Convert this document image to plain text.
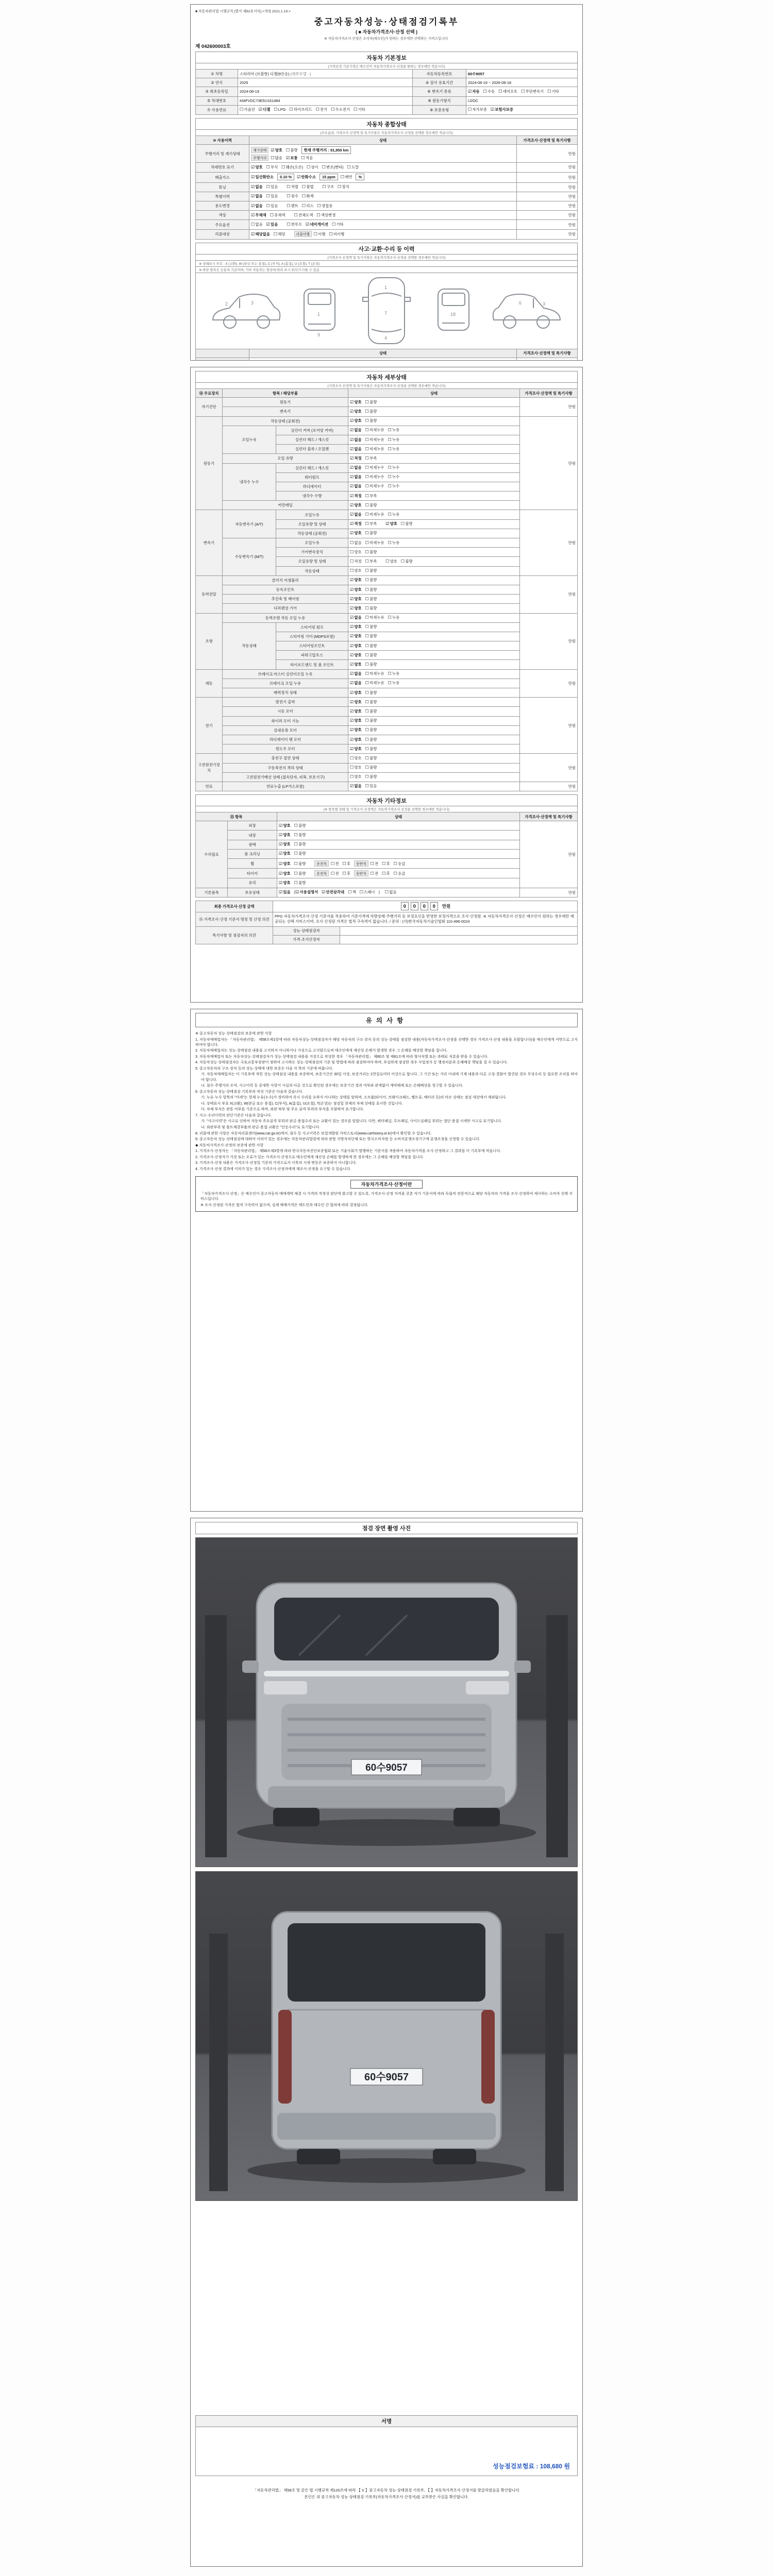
■ 자동차관리법 시행규칙 [별지 제82호서식] <개정 2021.1.19.>
중고자동차성능·상태점검기록부
( ■ 자동차가격조사·산정 선택 )
※ 자동차가격조사·산정은 소비자(매수인)가 원하는 경우에만 선택하는 서비스입니다.
제 042600003호
자동차 기본정보
(가격산정 기준가격은 매수인이 자동차가격조사·산정을 원하는 경우에만 적습니다)
① 차명	스타리아 (르블랑) 디젤(9인승) (세부모델 : )	자동차등록번호	60수9057
② 연식	2025	④ 검사 유효기간	2024-08-19 ~ 2026-08-18
③ 최초등록일	2024-08-19	⑥ 변속기 종류	☑자동 ☐수동 ☐세미오토 ☐무단변속기 ☐기타
⑤ 차대번호	KMFVDC73E5U161484	⑧ 원동기형식	U2DC
⑦ 사용연료	☐가솔린 ☑디젤 ☐LPG ☐하이브리드 ☐전기 ☐수소전기 ☐기타	⑨ 보증유형	☐자가보증 ☑보험사보증
자동차 종합상태
(주요옵션, 가격조사·산정액 및 특기사항은 자동차가격조사·산정을 선택한 경우에만 적습니다)
⑩ 사용이력	상태	가격조사·산정액 및 특기사항
주행거리 및 계기상태	계기상태 ☑양호 ☐불량 현재 주행거리 : 91,950 km
주행거리 ☐많음 ☑보통 ☐적음	만원
차대번호 표기	☑양호 ☐부식 ☐훼손(오손) ☐상이 ☐변조(변타) ☐도말	만원
배출가스	☑일산화탄소 0.10 % ☑탄화수소 15 ppm ☐매연%	만원
튜닝	☑없음 ☐있음 ☐적법 ☐불법 ☐구조 ☐장치	만원
특별이력	☑없음 ☐있음 ☐침수 ☐화재	만원
용도변경	☑없음 ☐있음 ☐렌트 ☐리스 ☐영업용	만원
색상	☑무채색 ☐유채색 ☐전체도색 ☐색상변경	만원
주요옵션	☐없음 ☑있음 ☐썬루프 ☑네비게이션 ☐기타	만원
리콜대상	☑해당없음 ☐해당 리콜이행 ☐이행 ☐미이행	만원
사고·교환·수리 등 이력
(가격조사·산정액 및 특기사항은 자동차가격조사·산정을 선택한 경우에만 적습니다)
※ 상태표시 부호 : X (교환), W (판금 또는 용접), C (부식), A (흠집), U (요철), T (손상)
※ 하단 항목은 승용차 기준이며, 기타 자동차는 형상에 따라 표시 위치가 다를 수 있음
2	3
1
9
1
7
4
18
6	3
	상태	가격조사·산정액 및 특기사항

자동차 세부상태
(가격조사·산정액 및 특기사항은 자동차가격조사·산정을 선택한 경우에만 적습니다)
⑭ 주요장치	항목 / 해당부품		상태	가격조사·산정액 및 특기사항
자기진단	원동기		☑양호 ☐불량	만원
	변속기		☑양호 ☐불량	
원동기	작동상태 (공회전)		☑양호 ☐불량	만원
	오일누유	실린더 커버 (로커암 커버)	☑없음 ☐미세누유 ☐누유	
		실린더 헤드 / 개스킷	☑없음 ☐미세누유 ☐누유	
		실린더 블록 / 오일팬	☑없음 ☐미세누유 ☐누유	
	오일 유량		☑적정 ☐부족	
	냉각수 누수	실린더 헤드 / 개스킷	☑없음 ☐미세누수 ☐누수	
		워터펌프	☑없음 ☐미세누수 ☐누수	
		라디에이터	☑없음 ☐미세누수 ☐누수	
		냉각수 수량	☑적정 ☐부족	
	커먼레일		☑양호 ☐불량	
변속기	자동변속기 (A/T)	오일누유	☑없음 ☐미세누유 ☐누유	만원
		오일유량 및 상태	☑적정 ☐부족 ☑양호 ☐불량	
		작동상태 (공회전)	☑양호 ☐불량	
	수동변속기 (M/T)	오일누유	☐없음 ☐미세누유 ☐누유	
		기어변속장치	☐양호 ☐불량	
		오일유량 및 상태	☐적정 ☐부족 ☐양호 ☐불량	
		작동상태	☐양호 ☐불량	
동력전달	클러치 어셈블리		☑양호 ☐불량	만원
	등속조인트		☑양호 ☐불량	
	추진축 및 베어링		☑양호 ☐불량	
	디퍼렌셜 기어		☑양호 ☐불량	
조향	동력조향 작동 오일 누유		☑없음 ☐미세누유 ☐누유	만원
	작동상태	스티어링 펌프	☑양호 ☐불량	
		스티어링 기어 (MDPS포함)	☑양호 ☐불량	
		스티어링조인트	☑양호 ☐불량	
		파워고압호스	☑양호 ☐불량	
		타이로드엔드 및 볼 조인트	☑양호 ☐불량	
제동	브레이크 마스터 실린더오일 누유		☑없음 ☐미세누유 ☐누유	만원
	브레이크 오일 누유		☑없음 ☐미세누유 ☐누유	
	배력장치 상태		☑양호 ☐불량	
전기	발전기 출력		☑양호 ☐불량	만원
	시동 모터		☑양호 ☐불량	
	와이퍼 모터 기능		☑양호 ☐불량	
	실내송풍 모터		☑양호 ☐불량	
	라디에이터 팬 모터		☑양호 ☐불량	
	윈도우 모터		☑양호 ☐불량	
고전원전기장치	충전구 절연 상태		☐양호 ☐불량	만원
	구동축전지 격리 상태		☐양호 ☐불량	
	고전원전기배선 상태 (접속단자, 피복, 보호기구)		☐양호 ☐불량	
연료	연료누출 (LP가스포함)		☑없음 ☐있음	만원
자동차 기타정보
(※ 항목별 상태 및 가격조사·산정액은 자동차가격조사·산정을 선택한 경우에만 적습니다)
⑮ 항목		상태	가격조사·산정액 및 특기사항
수리필요	외장	☑양호 ☐불량	만원
	내장	☑양호 ☐불량	
	광택	☑양호 ☐불량	
	룸 크리닝	☑양호 ☐불량	
	휠	☑양호 ☐불량 운전석 ☐전 ☐후 동반석 ☐전 ☐후 ☐응급	
	타이어	☑양호 ☐불량 운전석 ☐전 ☐후 동반석 ☐전 ☐후 ☐응급	
	유리	☑양호 ☐불량	
기본품목	보유상태	☑있음 (☑사용설명서 ☑안전삼각대 ☐잭 ☐스패너 ) ☐없음	만원
최종 가격조사·산정 금액	0 0 0 0 만원	
⑯ 가격조사·산정 기준서 명칭 및 산정 의견	PPG 자동차가격조사·산정 기준서를 적용하여 기준가격에 차량상태·주행거리 등 보정요인을 반영한 보정가격으로 조사·산정함. ※ 자동차가격조사·산정은 매수인이 원하는 경우에만 제공되는 선택 서비스이며, 조사·산정된 가격은 법적 구속력이 없습니다. / 문의 : (사)한국자동차기술인협회 110-496-0024	
특기사항 및 점검자의 의견	성능·상태점검자	
	가격·조사산정자	
유의사항
※ 중고자동차 성능·상태점검의 보증에 관한 사항
1. 자동차매매업자는 「자동차관리법」 제58조제1항에 따라 자동차성능·상태점검자가 해당 자동차의 구조·장치 등의 성능·상태를 점검한 내용(자동차가격조사·산정을 선택한 경우 가격조사·산정 내용을 포함합니다)을 매수인에게 서면으로 고지하여야 합니다.
2. 자동차매매업자는 성능·상태점검 내용을 고지하지 아니하거나 거짓으로 고지함으로써 매수인에게 재산상 손해가 발생한 경우 그 손해를 배상할 책임을 집니다.
3. 자동차매매업자 또는 자동차성능·상태점검자가 성능·상태점검 내용을 거짓으로 작성한 경우 「자동차관리법」 제80조 및 제81조에 따라 형사처벌 또는 과태료 처분을 받을 수 있습니다.
4. 자동차성능·상태점검자는 국토교통부장관이 정하여 고시하는 성능·상태점검의 기준 및 방법에 따라 점검하여야 하며, 부실하게 점검한 경우 사업정지 등 행정처분과 손해배상 책임을 질 수 있습니다.
5. 중고자동차의 구조·장치 등의 성능·상태에 대한 보증은 다음 각 목의 기준에 따릅니다.
가. 자동차매매업자는 이 기록부에 적힌 성능·상태점검 내용을 보증하며, 보증기간은 30일 이상, 보증거리는 2천킬로미터 이상으로 합니다. 그 기간 또는 거리 이내에 기재 내용과 다른 고장·결함이 발견된 경우 무상수리 등 필요한 조치를 하여야 합니다.
나. 침수·주행거리 조작, 사고이력 등 중대한 사항이 사실과 다른 것으로 확인된 경우에는 보증기간 경과 여부와 관계없이 계약해제 또는 손해배상을 청구할 수 있습니다.
6. 중고자동차 성능·상태점검 기록부의 작성 기준은 다음과 같습니다.
가. 누유·누수 항목의 "미세"는 현재 누유(누수)가 경미하여 즉시 수리를 요하지 아니하는 상태를 말하며, 소모품(타이어, 브레이크패드, 벨트류, 배터리 등)의 마모 상태는 점검 대상에서 제외됩니다.
나. 상태표시 부호 X(교환), W(판금 또는 용접), C(부식), A(흠집), U(요철), T(손상)는 점검일 현재의 차체 상태를 표시한 것입니다.
다. 차체 부식은 관통 여부를 기준으로 하며, 외판 하부 및 주요 골격 부위의 부식을 포함하여 표기합니다.
7. 사고·수리이력의 판단기준은 다음과 같습니다.
가. "사고이력"은 사고로 인하여 자동차 주요골격 부위의 판금·용접수리 또는 교환이 있는 경우를 말합니다. 다만, 쿼터패널, 루프패널, 사이드실패널 부위는 절단·용접 시에만 사고로 표기합니다.
나. 외판부위 및 볼트체결부품의 판금·용접·교환은 "단순수리"로 표기합니다.
8. 리콜에 관한 사항은 자동차리콜센터(www.car.go.kr)에서, 침수 등 사고이력은 보험개발원 카히스토리(www.carhistory.or.kr)에서 확인할 수 있습니다.
9. 중고자동차 성능·상태점검에 대하여 이의가 있는 경우에는 자동차관리법령에 따라 관할 지방자치단체 또는 한국소비자원 등 소비자분쟁조정기구에 분쟁조정을 신청할 수 있습니다.
◆ 자동차가격조사·산정의 보증에 관한 사항
1. 가격조사·산정자는 「자동차관리법」 제58조제3항에 따라 한국자동차진단보증협회 또는 기술사회가 발행하는 기준서를 적용하여 자동차가격을 조사·산정하고 그 결과를 이 기록부에 적습니다.
2. 가격조사·산정자가 거짓 또는 오류가 있는 가격조사·산정으로 매수인에게 재산상 손해를 발생하게 한 경우에는 그 손해를 배상할 책임을 집니다.
3. 가격조사·산정 내용은 가격조사·산정일 기준의 가격으로서 이후의 시세 변동은 보증하지 아니합니다.
4. 가격조사·산정 결과에 이의가 있는 경우 가격조사·산정자에게 재조사·산정을 요구할 수 있습니다.
자동차가격조사·산정이란
「자동차가격조사·산정」은 매수인이 중고자동차 매매계약 체결 시 가격의 적정성 판단에 참고할 수 있도록, 가격조사·산정 자격을 갖춘 자가 기준서에 따라 독립적·전문적으로 해당 자동차의 가격을 조사·산정하여 제시하는 소비자 선택 서비스입니다.
※ 조사·산정된 가격은 법적 구속력이 없으며, 실제 매매가격은 매도인과 매수인 간 합의에 따라 결정됩니다.
점검 장면 촬영 사진
60수9057
60수9057
서명
성능점검보험료 : 108,680 원
「자동차관리법」 제58조 및 같은 법 시행규칙 제120조에 따라 【 V 】중고자동차 성능·상태점검 기록부, 【 】자동차가격조사·산정서를 발급하였음을 확인합니다.
본인은 위 중고자동차 성능·상태점검 기록부(자동차가격조사·산정서)를 교부받은 사실을 확인합니다.
